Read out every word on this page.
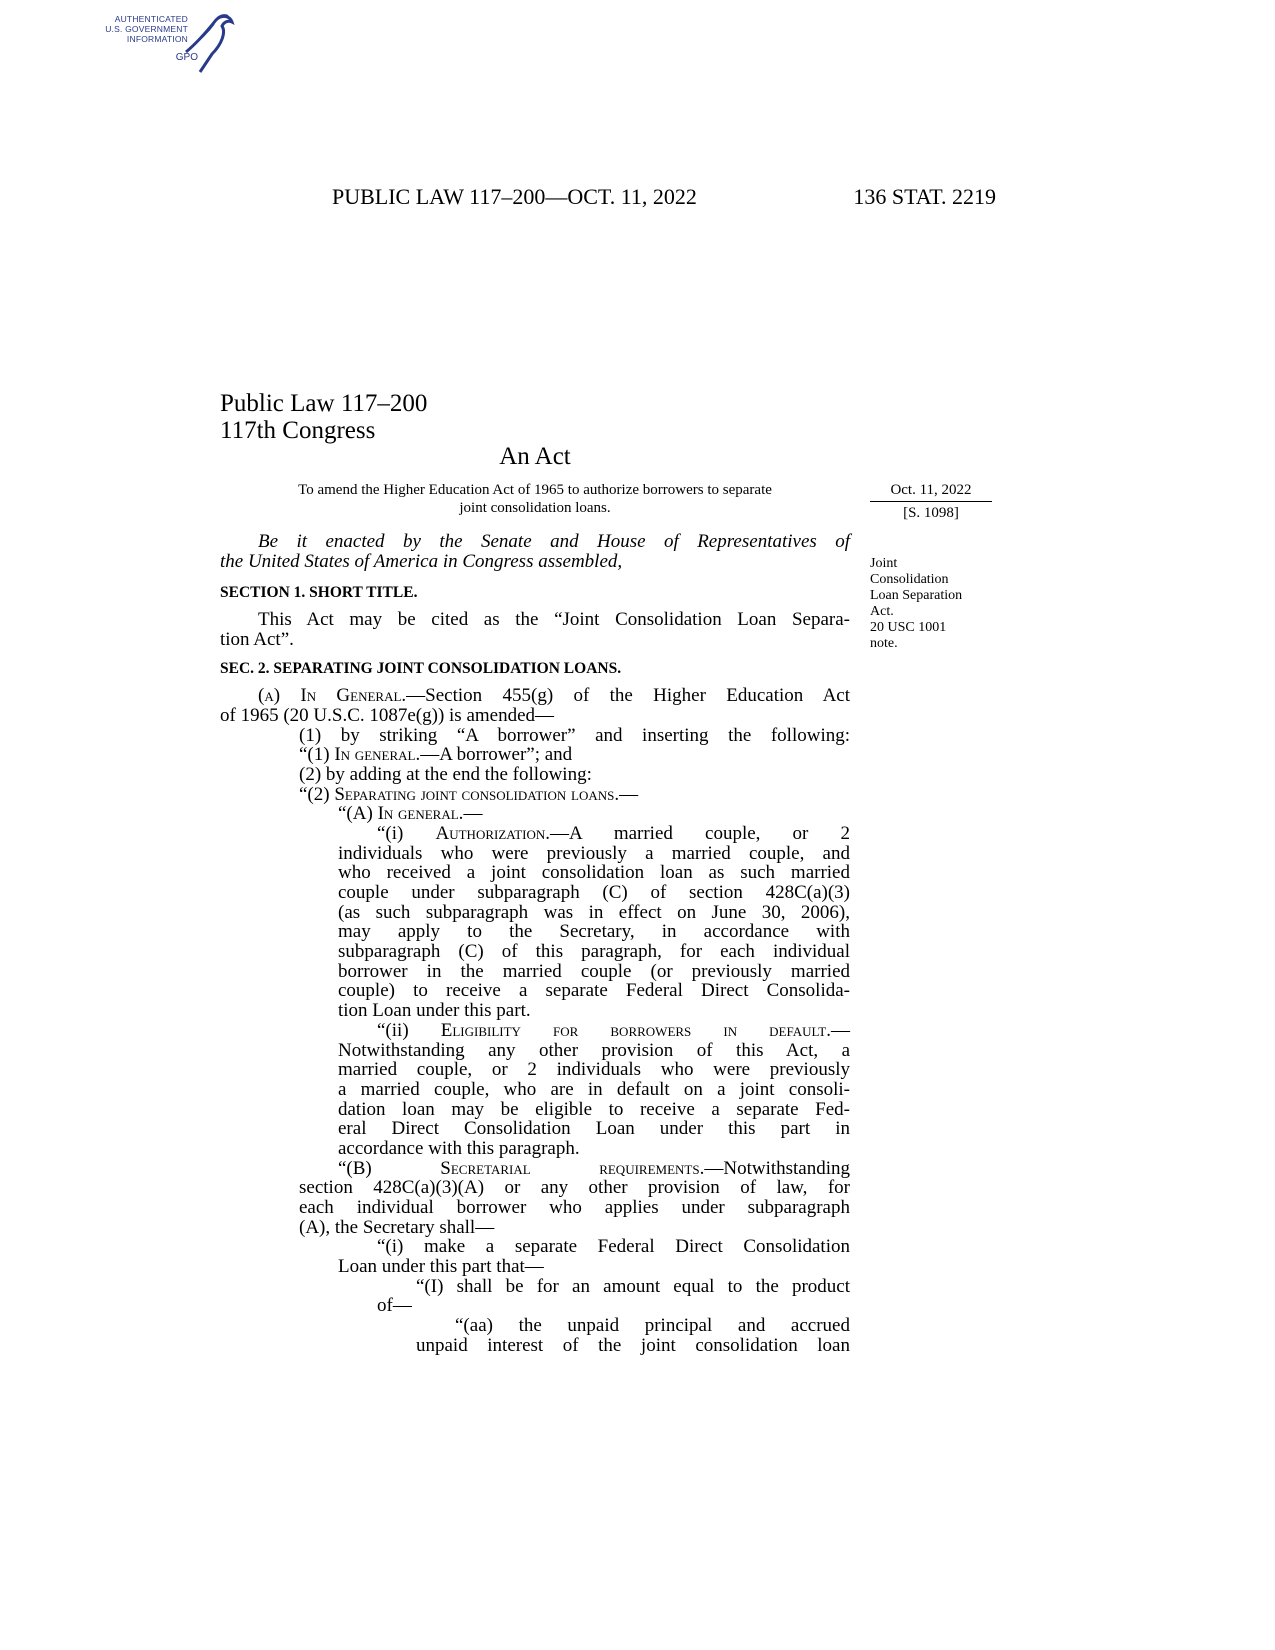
AUTHENTICATED
U.S. GOVERNMENT
INFORMATION
GPO
PUBLIC LAW 117–200—OCT. 11, 2022	136 STAT. 2219
Public Law 117–200
117th Congress
An Act
To amend the Higher Education Act of 1965 to authorize borrowers to separate
joint consolidation loans.
Oct. 11, 2022
[S. 1098]
Joint
Consolidation
Loan Separation
Act.
20 USC 1001
note.
Be it enacted by the Senate and House of Representatives of
the United States of America in Congress assembled,
SECTION 1. SHORT TITLE.
This Act may be cited as the “Joint Consolidation Loan Separa-
tion Act”.
SEC. 2. SEPARATING JOINT CONSOLIDATION LOANS.
(a) In General.—Section 455(g) of the Higher Education Act
of 1965 (20 U.S.C. 1087e(g)) is amended—
(1) by striking “A borrower” and inserting the following:
“(1) In general.—A borrower”; and
(2) by adding at the end the following:
“(2) Separating joint consolidation loans.—
“(A) In general.—
“(i) Authorization.—A married couple, or 2
individuals who were previously a married couple, and
who received a joint consolidation loan as such married
couple under subparagraph (C) of section 428C(a)(3)
(as such subparagraph was in effect on June 30, 2006),
may apply to the Secretary, in accordance with
subparagraph (C) of this paragraph, for each individual
borrower in the married couple (or previously married
couple) to receive a separate Federal Direct Consolida-
tion Loan under this part.
“(ii) Eligibility for borrowers in default.—
Notwithstanding any other provision of this Act, a
married couple, or 2 individuals who were previously
a married couple, who are in default on a joint consoli-
dation loan may be eligible to receive a separate Fed-
eral Direct Consolidation Loan under this part in
accordance with this paragraph.
“(B) Secretarial requirements.—Notwithstanding
section 428C(a)(3)(A) or any other provision of law, for
each individual borrower who applies under subparagraph
(A), the Secretary shall—
“(i) make a separate Federal Direct Consolidation
Loan under this part that—
“(I) shall be for an amount equal to the product
of—
“(aa) the unpaid principal and accrued
unpaid interest of the joint consolidation loan
